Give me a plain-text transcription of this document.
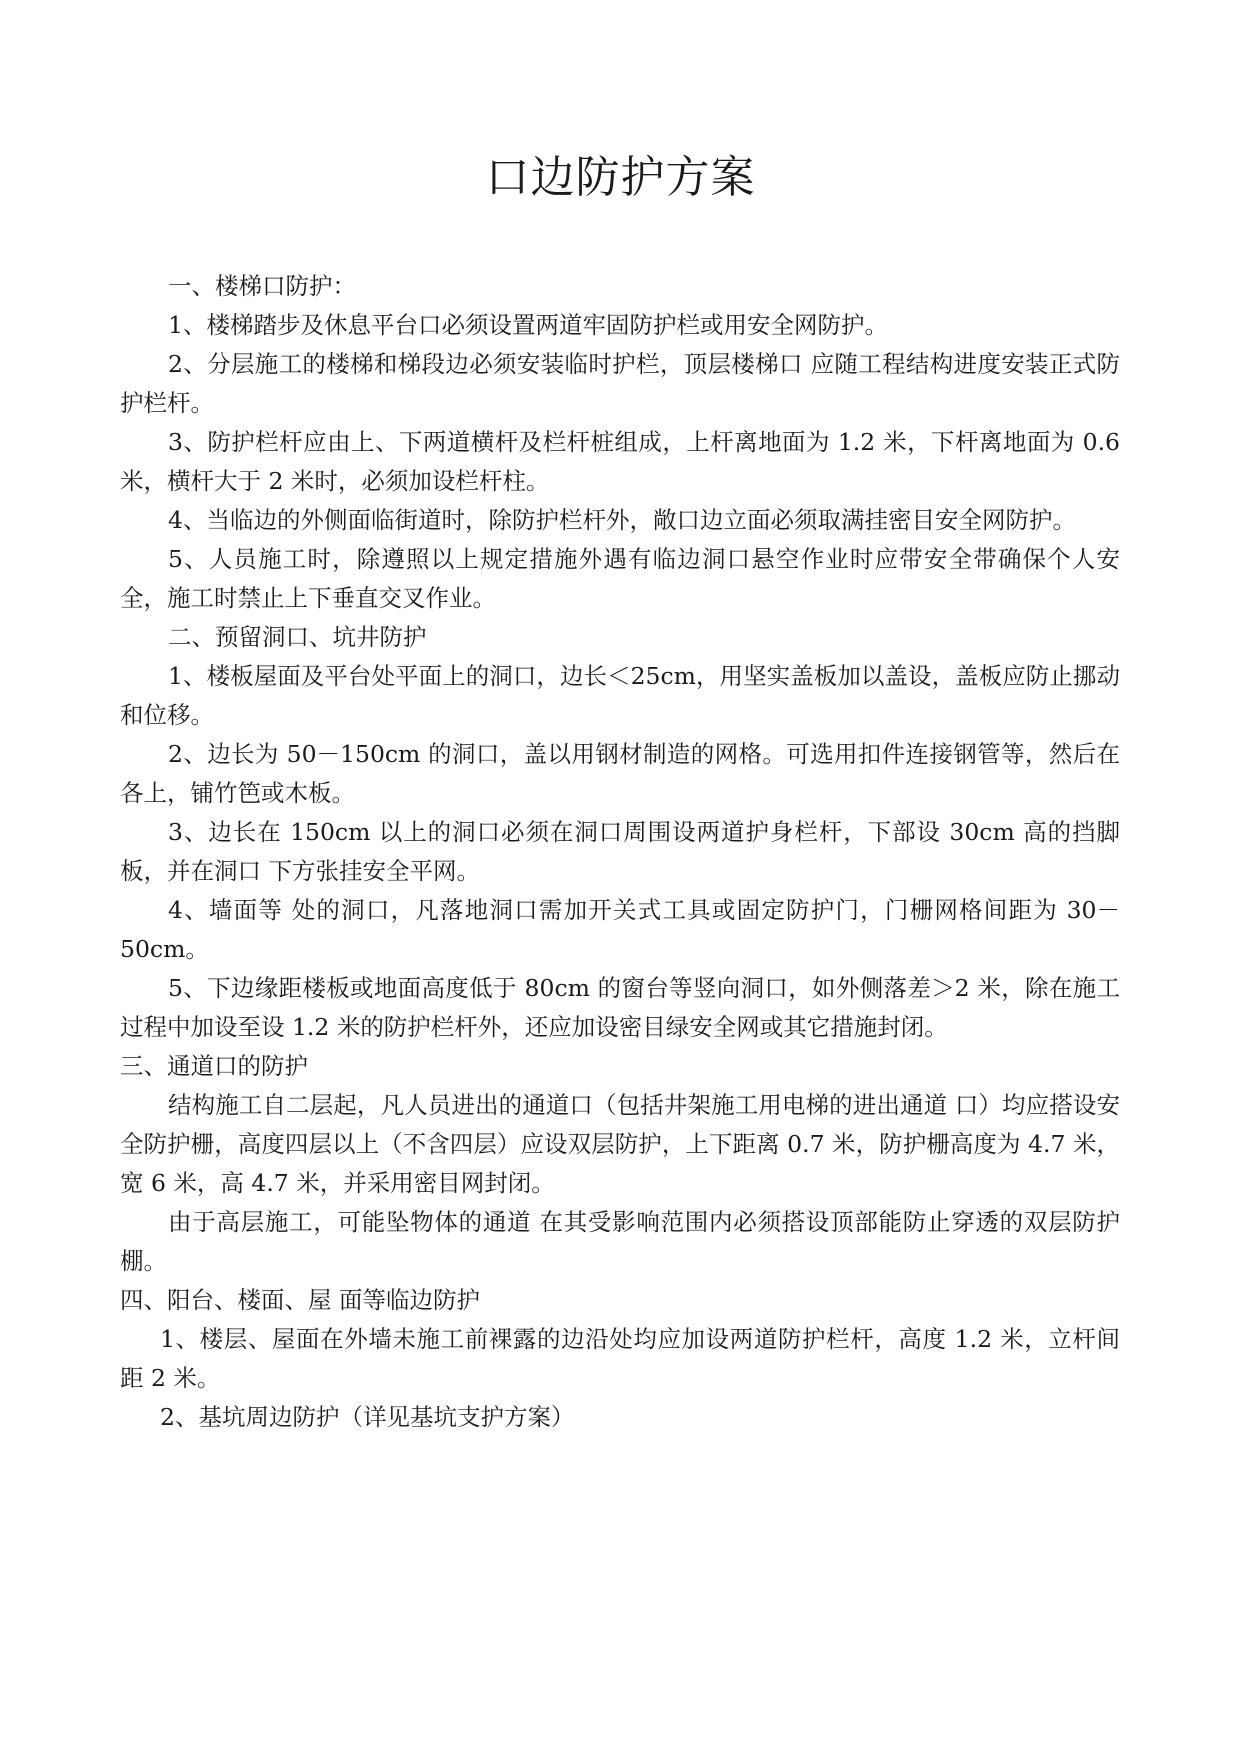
口边防护方案

一、楼梯口防护：

1、楼梯踏步及休息平台口必须设置两道牢固防护栏或用安全网防护。

2、分层施工的楼梯和梯段边必须安装临时护栏，顶层楼梯口 应随工程结构进度安装正式防护栏杆。

3、防护栏杆应由上、下两道横杆及栏杆桩组成，上杆离地面为 1.2 米，下杆离地面为 0.6 米，横杆大于 2 米时，必须加设栏杆柱。

4、当临边的外侧面临街道时，除防护栏杆外，敞口边立面必须取满挂密目安全网防护。

5、人员施工时，除遵照以上规定措施外遇有临边洞口悬空作业时应带安全带确保个人安全，施工时禁止上下垂直交叉作业。

二、预留洞口、坑井防护

1、楼板屋面及平台处平面上的洞口，边长＜25cm，用坚实盖板加以盖设，盖板应防止挪动和位移。

2、边长为 50－150cm 的洞口，盖以用钢材制造的网格。可选用扣件连接钢管等，然后在各上，铺竹笆或木板。

3、边长在 150cm 以上的洞口必须在洞口周围设两道护身栏杆，下部设 30cm 高的挡脚板，并在洞口 下方张挂安全平网。

4、墙面等 处的洞口，凡落地洞口需加开关式工具或固定防护门，门栅网格间距为 30－50cm。

5、下边缘距楼板或地面高度低于 80cm 的窗台等竖向洞口，如外侧落差＞2 米，除在施工过程中加设至设 1.2 米的防护栏杆外，还应加设密目绿安全网或其它措施封闭。

三、通道口的防护

结构施工自二层起，凡人员进出的通道口（包括井架施工用电梯的进出通道 口）均应搭设安全防护栅，高度四层以上（不含四层）应设双层防护，上下距离 0.7 米，防护栅高度为 4.7 米，宽 6 米，高 4.7 米，并采用密目网封闭。

由于高层施工，可能坠物体的通道 在其受影响范围内必须搭设顶部能防止穿透的双层防护棚。

四、阳台、楼面、屋 面等临边防护

1、楼层、屋面在外墙未施工前裸露的边沿处均应加设两道防护栏杆，高度 1.2 米，立杆间距 2 米。

2、基坑周边防护（详见基坑支护方案）
